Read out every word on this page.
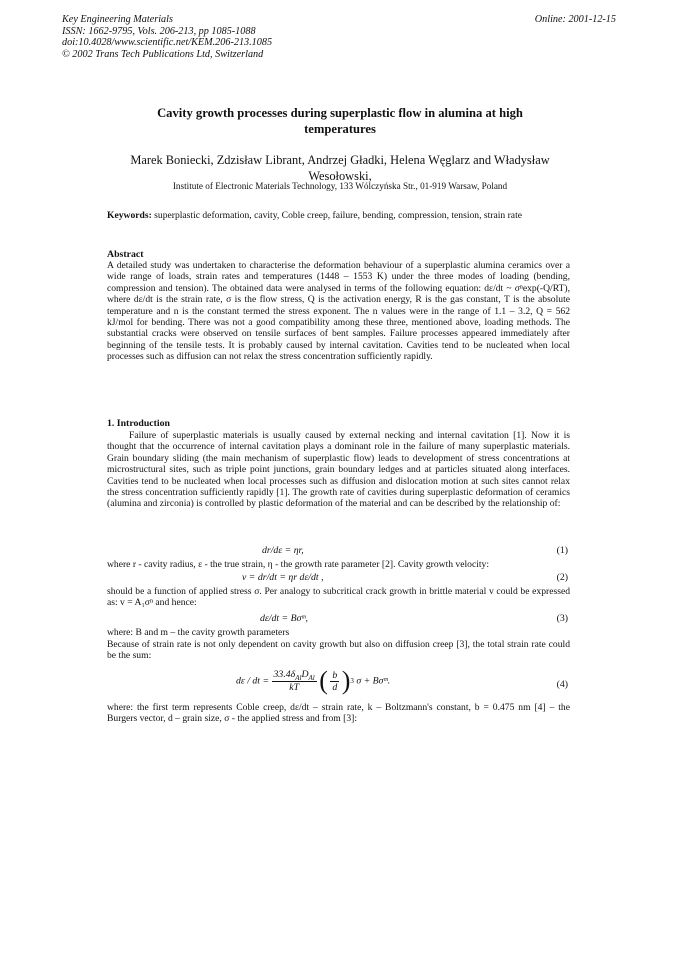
Key Engineering Materials
ISSN: 1662-9795, Vols. 206-213, pp 1085-1088
doi:10.4028/www.scientific.net/KEM.206-213.1085
© 2002 Trans Tech Publications Ltd, Switzerland
Online: 2001-12-15
Cavity growth processes during superplastic flow in alumina at high
temperatures
Marek Boniecki, Zdzisław Librant, Andrzej Gładki, Helena Węglarz and Władysław
Wesołowski,
Institute of Electronic Materials Technology, 133 Wólczyńska Str., 01-919 Warsaw, Poland
Keywords: superplastic deformation, cavity, Coble creep, failure, bending, compression, tension, strain rate
Abstract
A detailed study was undertaken to characterise the deformation behaviour of a superplastic alumina ceramics over a wide range of loads, strain rates and temperatures (1448 – 1553 K) under the three modes of loading (bending, compression and tension). The obtained data were analysed in terms of the following equation: dε/dt ~ σⁿexp(-Q/RT), where dε/dt is the strain rate, σ is the flow stress, Q is the activation energy, R is the gas constant, T is the absolute temperature and n is the constant termed the stress exponent. The n values were in the range of 1.1 – 3.2, Q = 562 kJ/mol for bending. There was not a good compatibility among these three, mentioned above, loading methods. The substantial cracks were observed on tensile surfaces of bent samples. Failure processes appeared immediately after beginning of the tensile tests. It is probably caused by internal cavitation. Cavities tend to be nucleated when local processes such as diffusion can not relax the stress concentration sufficiently rapidly.
1. Introduction
Failure of superplastic materials is usually caused by external necking and internal cavitation [1]. Now it is thought that the occurrence of internal cavitation plays a dominant role in the failure of many superplastic materials. Grain boundary sliding (the main mechanism of superplastic flow) leads to development of stress concentrations at microstructural sites, such as triple point junctions, grain boundary ledges and at particles situated along interfaces. Cavities tend to be nucleated when local processes such as diffusion and dislocation motion at such sites cannot relax the stress concentration sufficiently rapidly [1]. The growth rate of cavities during superplastic deformation of ceramics (alumina and zirconia) is controlled by plastic deformation of the material and can be described by the relationship of:
dr/dε = ηr,	(1)
where r - cavity radius, ε - the true strain, η - the growth rate parameter [2]. Cavity growth velocity:
v = dr/dt = ηr dε/dt ,	(2)
should be a function of applied stress σ. Per analogy to subcritical crack growth in brittle material v could be expressed as: v = A₁σⁿ and hence:
dε/dt = Bσᵐ,	(3)
where: B and m – the cavity growth parameters
Because of strain rate is not only dependent on cavity growth but also on diffusion creep [3], the total strain rate could be the sum:
dε / dt = $\frac{33.4\delta_{Al}D_{Al}}{kT}$ ( $\frac{b}{d} )3$ σ + Bσᵐ.	(4)
where: the first term represents Coble creep, dε/dt – strain rate, k – Boltzmann's constant, b = 0.475 nm [4] – the Burgers vector, d – grain size, σ - the applied stress and from [3]:
